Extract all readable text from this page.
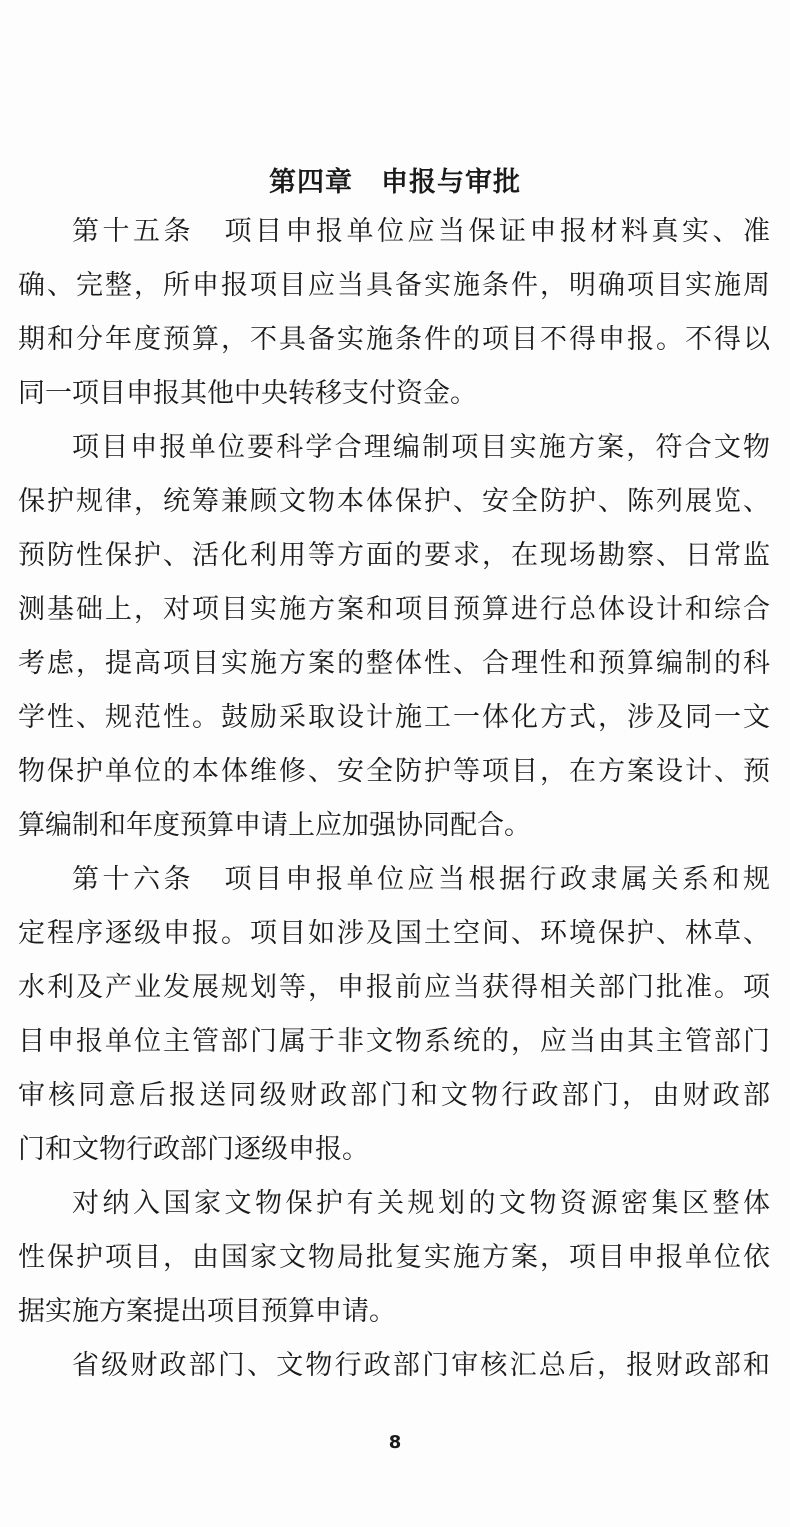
第四章　申报与审批
第十五条　项目申报单位应当保证申报材料真实、准
确、完整，所申报项目应当具备实施条件，明确项目实施周
期和分年度预算，不具备实施条件的项目不得申报。不得以
同一项目申报其他中央转移支付资金。
项目申报单位要科学合理编制项目实施方案，符合文物
保护规律，统筹兼顾文物本体保护、安全防护、陈列展览、
预防性保护、活化利用等方面的要求，在现场勘察、日常监
测基础上，对项目实施方案和项目预算进行总体设计和综合
考虑，提高项目实施方案的整体性、合理性和预算编制的科
学性、规范性。鼓励采取设计施工一体化方式，涉及同一文
物保护单位的本体维修、安全防护等项目，在方案设计、预
算编制和年度预算申请上应加强协同配合。
第十六条　项目申报单位应当根据行政隶属关系和规
定程序逐级申报。项目如涉及国土空间、环境保护、林草、
水利及产业发展规划等，申报前应当获得相关部门批准。项
目申报单位主管部门属于非文物系统的，应当由其主管部门
审核同意后报送同级财政部门和文物行政部门，由财政部
门和文物行政部门逐级申报。
对纳入国家文物保护有关规划的文物资源密集区整体
性保护项目，由国家文物局批复实施方案，项目申报单位依
据实施方案提出项目预算申请。
省级财政部门、文物行政部门审核汇总后，报财政部和
8
